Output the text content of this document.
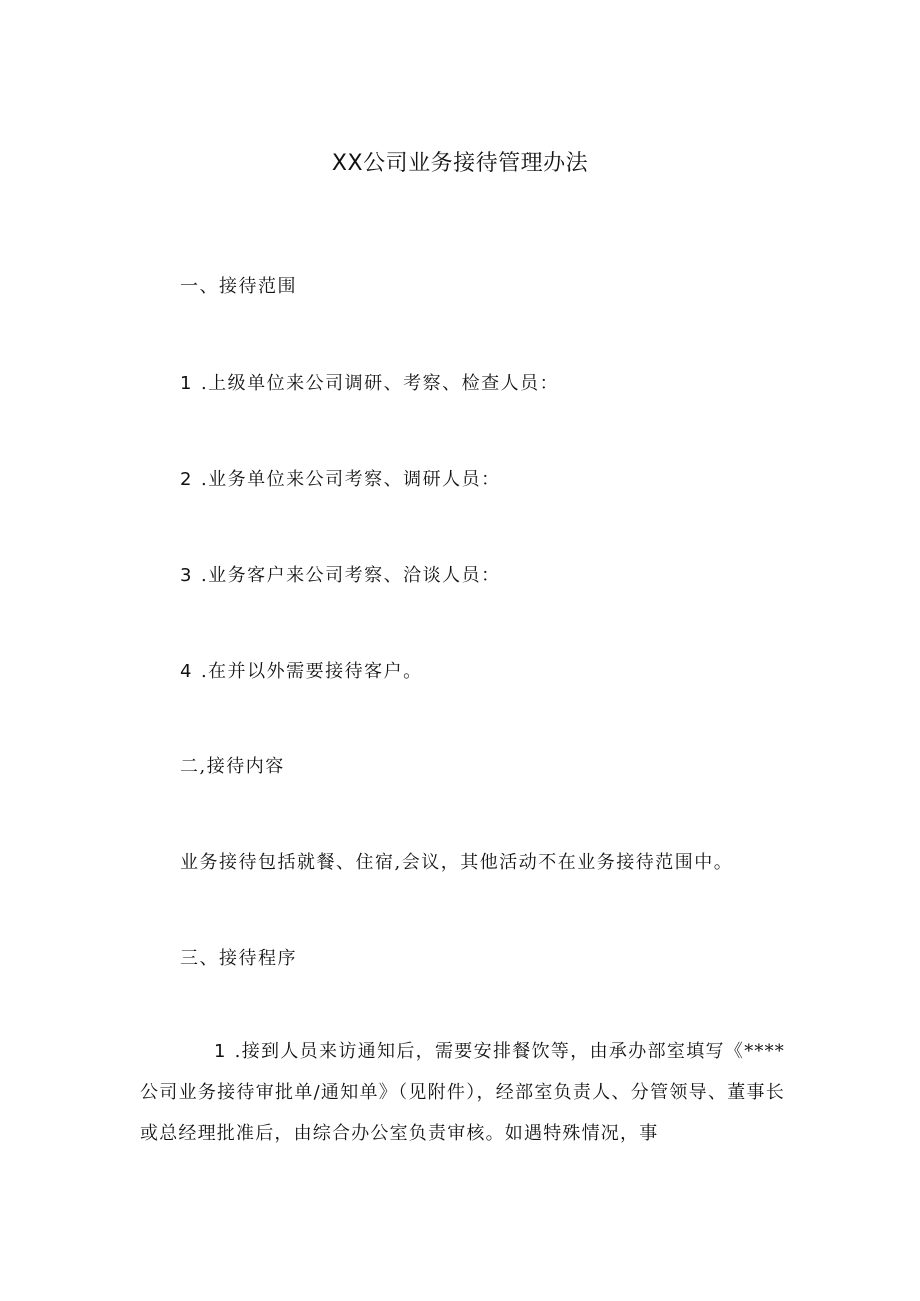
XX公司业务接待管理办法
一、接待范围
1 .上级单位来公司调研、考察、检查人员：
2 .业务单位来公司考察、调研人员：
3 .业务客户来公司考察、洽谈人员：
4 .在并以外需要接待客户。
二,接待内容
业务接待包括就餐、住宿,会议，其他活动不在业务接待范围中。
三、接待程序
1 .接到人员来访通知后，需要安排餐饮等，由承办部室填写《****公司业务接待审批单/通知单》（见附件），经部室负责人、分管领导、董事长或总经理批准后，由综合办公室负责审核。如遇特殊情况，事
